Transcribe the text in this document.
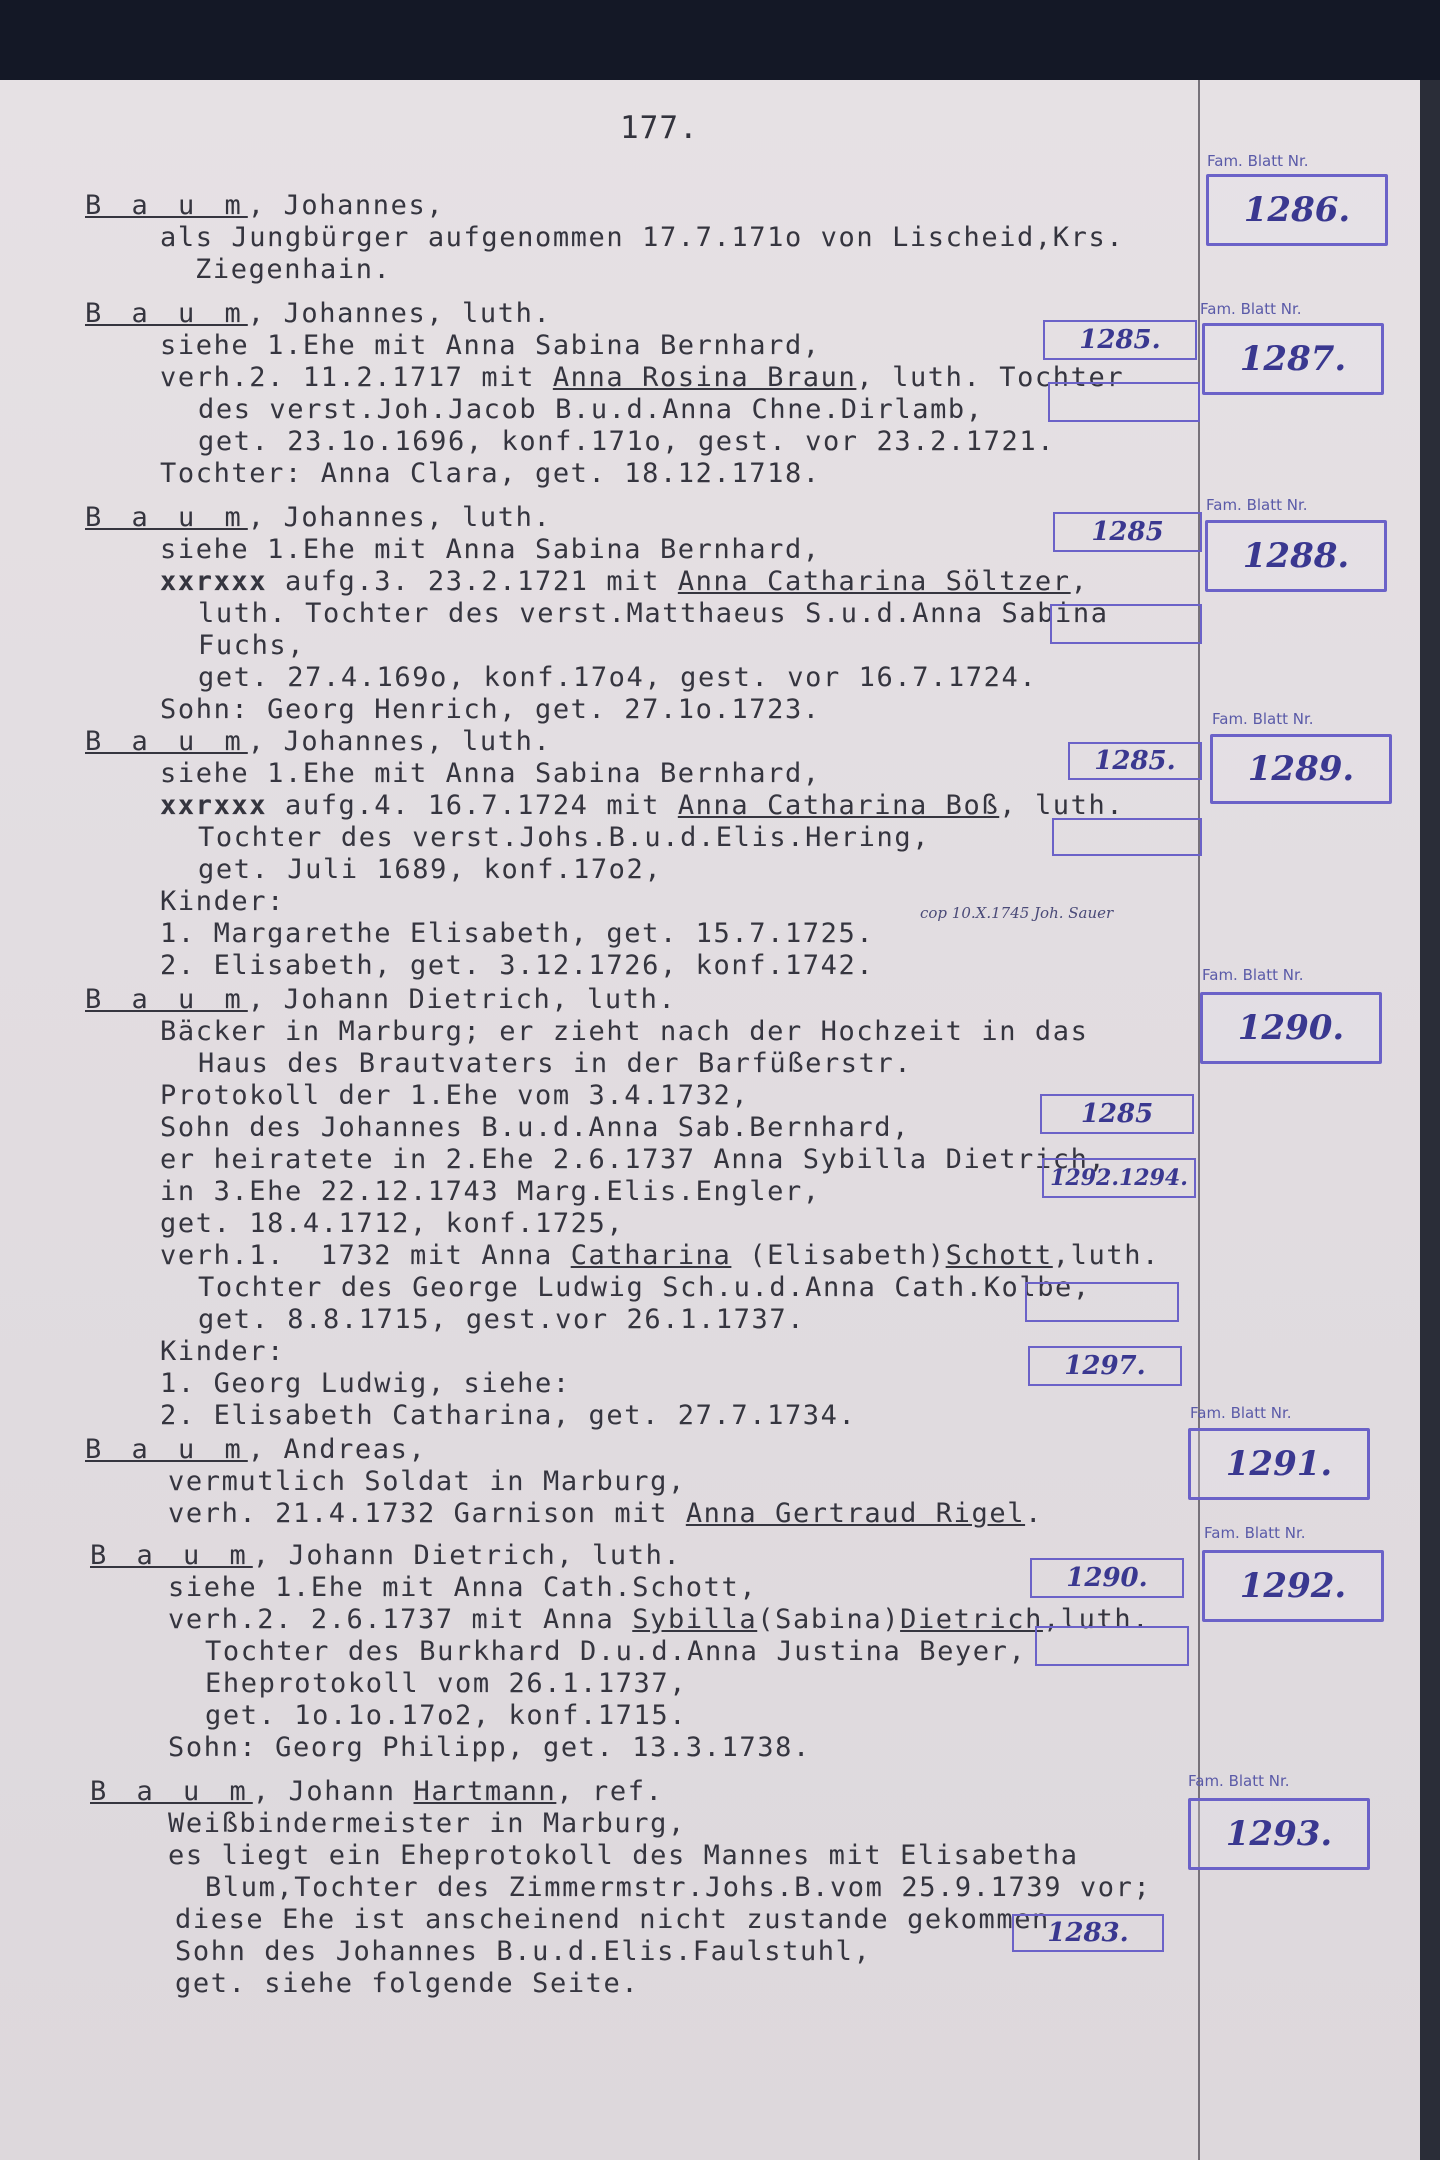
177.
B a u m, Johannes,
als Jungbürger aufgenommen 17.7.171o von Lischeid,Krs.
Ziegenhain.
Fam. Blatt Nr.
1286.
B a u m, Johannes, luth.
siehe 1.Ehe mit Anna Sabina Bernhard,
verh.2. 11.2.1717 mit Anna Rosina Braun, luth. Tochter
des verst.Joh.Jacob B.u.d.Anna Chne.Dirlamb,
get. 23.1o.1696, konf.171o, gest. vor 23.2.1721.
Tochter: Anna Clara, get. 18.12.1718.
1285.
Fam. Blatt Nr.
1287.
B a u m, Johannes, luth.
siehe 1.Ehe mit Anna Sabina Bernhard,
xxrxxx aufg.3. 23.2.1721 mit Anna Catharina Söltzer,
luth. Tochter des verst.Matthaeus S.u.d.Anna Sabina
Fuchs,
get. 27.4.169o, konf.17o4, gest. vor 16.7.1724.
Sohn: Georg Henrich, get. 27.1o.1723.
1285
Fam. Blatt Nr.
1288.
B a u m, Johannes, luth.
siehe 1.Ehe mit Anna Sabina Bernhard,
xxrxxx aufg.4. 16.7.1724 mit Anna Catharina Boß, luth.
Tochter des verst.Johs.B.u.d.Elis.Hering,
get. Juli 1689, konf.17o2,
Kinder:
1. Margarethe Elisabeth, get. 15.7.1725.
cop 10.X.1745 Joh. Sauer
2. Elisabeth, get. 3.12.1726, konf.1742.
1285.
Fam. Blatt Nr.
1289.
B a u m, Johann Dietrich, luth.
Bäcker in Marburg; er zieht nach der Hochzeit in das
Haus des Brautvaters in der Barfüßerstr.
Protokoll der 1.Ehe vom 3.4.1732,
Sohn des Johannes B.u.d.Anna Sab.Bernhard,
er heiratete in 2.Ehe 2.6.1737 Anna Sybilla Dietrich,
in 3.Ehe 22.12.1743 Marg.Elis.Engler,
get. 18.4.1712, konf.1725,
verh.1.  1732 mit Anna Catharina (Elisabeth)Schott,luth.
Tochter des George Ludwig Sch.u.d.Anna Cath.Kolbe,
get. 8.8.1715, gest.vor 26.1.1737.
Kinder:
1. Georg Ludwig, siehe:
2. Elisabeth Catharina, get. 27.7.1734.
1285
1292.1294.
1297.
Fam. Blatt Nr.
1290.
B a u m, Andreas,
vermutlich Soldat in Marburg,
verh. 21.4.1732 Garnison mit Anna Gertraud Rigel.
Fam. Blatt Nr.
1291.
B a u m, Johann Dietrich, luth.
siehe 1.Ehe mit Anna Cath.Schott,
verh.2. 2.6.1737 mit Anna Sybilla(Sabina)Dietrich,luth.
Tochter des Burkhard D.u.d.Anna Justina Beyer,
Eheprotokoll vom 26.1.1737,
get. 1o.1o.17o2, konf.1715.
Sohn: Georg Philipp, get. 13.3.1738.
1290.
Fam. Blatt Nr.
1292.
B a u m, Johann Hartmann, ref.
Weißbindermeister in Marburg,
es liegt ein Eheprotokoll des Mannes mit Elisabetha
Blum,Tochter des Zimmermstr.Johs.B.vom 25.9.1739 vor;
diese Ehe ist anscheinend nicht zustande gekommen,
Sohn des Johannes B.u.d.Elis.Faulstuhl,
get. siehe folgende Seite.
1283.
Fam. Blatt Nr.
1293.
